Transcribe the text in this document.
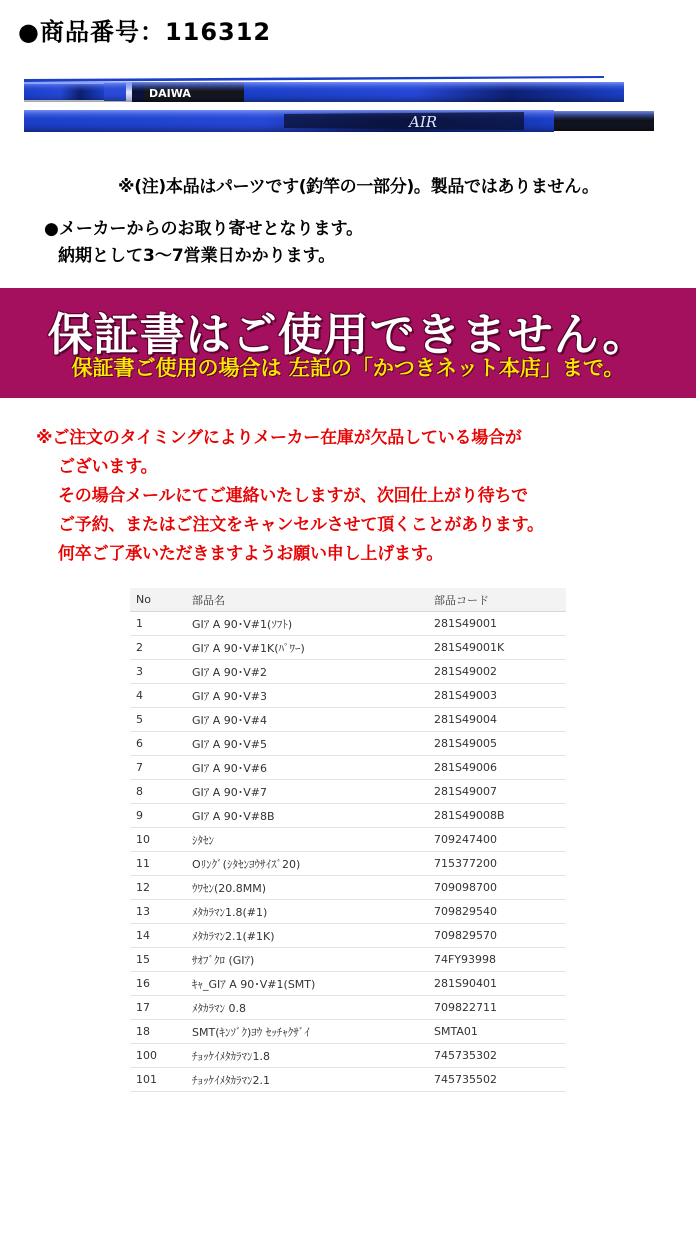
●商品番号：116312
DAIWA
AIR
※(注)本品はパーツです(釣竿の一部分)。製品ではありません。
●メーカーからのお取り寄せとなります。
納期として3〜7営業日かかります。
保証書はご使用できません。
保証書ご使用の場合は 左記の「かつきネット本店」まで。
※ご注文のタイミングによりメーカー在庫が欠品している場合が
ございます。
その場合メールにてご連絡いたしますが、次回仕上がり待ちで
ご予約、またはご注文をキャンセルさせて頂くことがあります。
何卒ご了承いただきますようお願い申し上げます。
No	部品名	部品コード
1	GIｱ A 90･V#1(ｿﾌﾄ)	281S49001
2	GIｱ A 90･V#1K(ﾊﾟﾜｰ)	281S49001K
3	GIｱ A 90･V#2	281S49002
4	GIｱ A 90･V#3	281S49003
5	GIｱ A 90･V#4	281S49004
6	GIｱ A 90･V#5	281S49005
7	GIｱ A 90･V#6	281S49006
8	GIｱ A 90･V#7	281S49007
9	GIｱ A 90･V#8B	281S49008B
10	ｼﾀｾﾝ	709247400
11	Oﾘﾝｸﾞ(ｼﾀｾﾝﾖｳｻｲｽﾞ20)	715377200
12	ｳﾜｾﾝ(20.8MM)	709098700
13	ﾒﾀｶﾗﾏﾝ1.8(#1)	709829540
14	ﾒﾀｶﾗﾏﾝ2.1(#1K)	709829570
15	ｻｵﾌﾞｸﾛ (GIｱ)	74FY93998
16	ｷｬ_GIｱ A 90･V#1(SMT)	281S90401
17	ﾒﾀｶﾗﾏﾝ 0.8	709822711
18	SMT(ｷﾝｿﾞｸ)ﾖｳ ｾｯﾁｬｸｻﾞｲ	SMTA01
100	ﾁｮｯｹｲﾒﾀｶﾗﾏﾝ1.8	745735302
101	ﾁｮｯｹｲﾒﾀｶﾗﾏﾝ2.1	745735502
